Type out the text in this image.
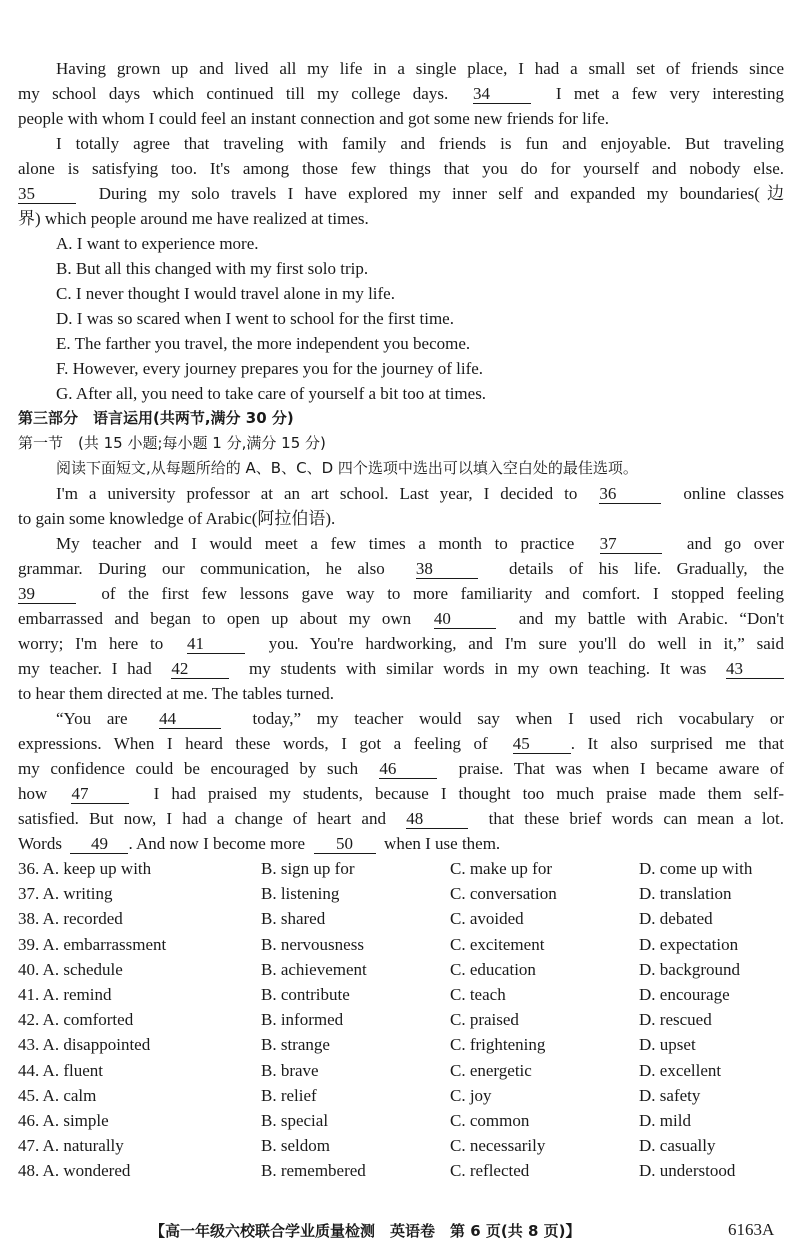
Having grown up and lived all my life in a single place, I had a small set of friends since
my school days which continued till my college days. 34	I met a few very interesting
people with whom I could feel an instant connection and got some new friends for life.
I totally agree that traveling with family and friends is fun and enjoyable. But traveling
alone is satisfying too. It's among those few things that you do for yourself and nobody else.
35	During my solo travels I have explored my inner self and expanded my boundaries(边
界) which people around me have realized at times.
A. I want to experience more.
B. But all this changed with my first solo trip.
C. I never thought I would travel alone in my life.
D. I was so scared when I went to school for the first time.
E. The farther you travel, the more independent you become.
F. However, every journey prepares you for the journey of life.
G. After all, you need to take care of yourself a bit too at times.
第三部分　语言运用(共两节,满分 30 分)
第一节　(共 15 小题;每小题 1 分,满分 15 分)
阅读下面短文,从每题所给的 A、B、C、D 四个选项中选出可以填入空白处的最佳选项。
I'm a university professor at an art school. Last year, I decided to 36	online classes
to gain some knowledge of Arabic(阿拉伯语).
My teacher and I would meet a few times a month to practice 37	and go over
grammar. During our communication, he also 38	details of his life. Gradually, the
39	of the first few lessons gave way to more familiarity and comfort. I stopped feeling
embarrassed and began to open up about my own 40	and my battle with Arabic. “Don't
worry; I'm here to 41	you. You're hardworking, and I'm sure you'll do well in it,” said
my teacher. I had 42	my students with similar words in my own teaching. It was 43
to hear them directed at me. The tables turned.
“You are 44	today,” my teacher would say when I used rich vocabulary or
expressions. When I heard these words, I got a feeling of 45 . It also surprised me that
my confidence could be encouraged by such 46	praise. That was when I became aware of
how 47	I had praised my students, because I thought too much praise made them self-
satisfied. But now, I had a change of heart and 48	that these brief words can mean a lot.
Words 49 . And now I become more 50 when I use them.
36. A. keep up with	B. sign up for	C. make up for	D. come up with
37. A. writing	B. listening	C. conversation	D. translation
38. A. recorded	B. shared	C. avoided	D. debated
39. A. embarrassment	B. nervousness	C. excitement	D. expectation
40. A. schedule	B. achievement	C. education	D. background
41. A. remind	B. contribute	C. teach	D. encourage
42. A. comforted	B. informed	C. praised	D. rescued
43. A. disappointed	B. strange	C. frightening	D. upset
44. A. fluent	B. brave	C. energetic	D. excellent
45. A. calm	B. relief	C. joy	D. safety
46. A. simple	B. special	C. common	D. mild
47. A. naturally	B. seldom	C. necessarily	D. casually
48. A. wondered	B. remembered	C. reflected	D. understood
【高一年级六校联合学业质量检测　英语卷　第 6 页(共 8 页)】	6163A
